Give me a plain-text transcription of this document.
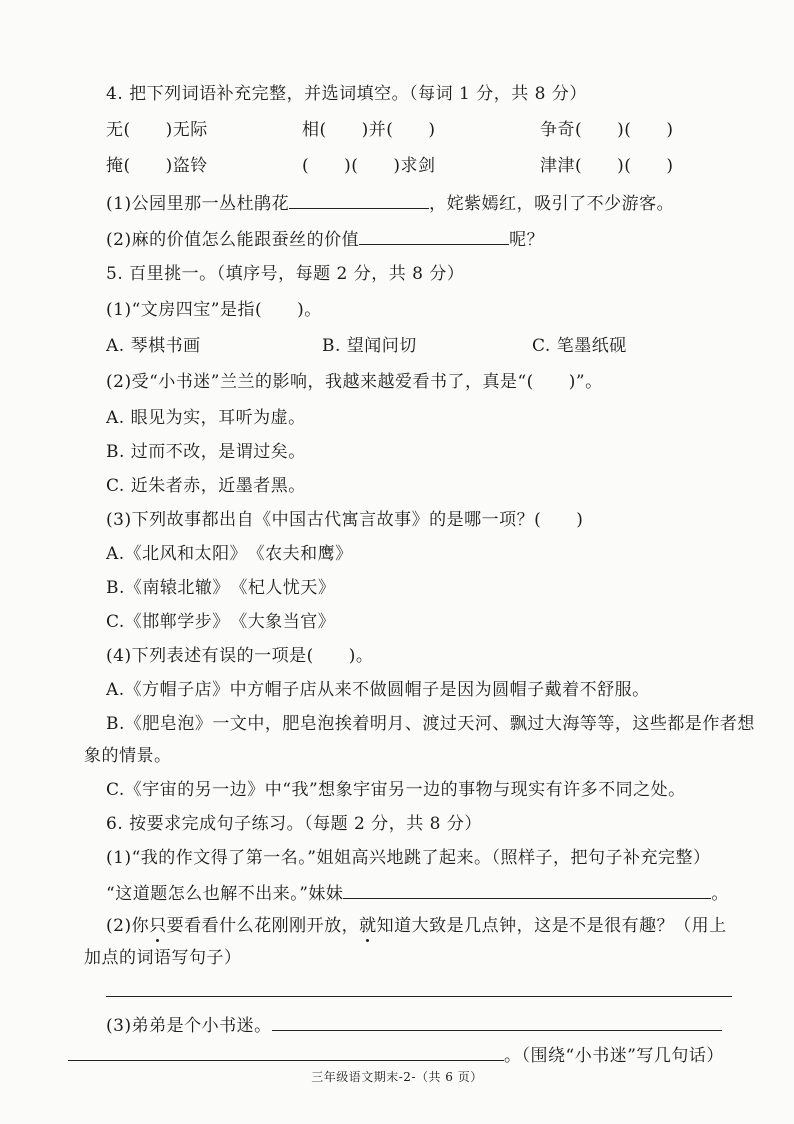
4. 把下列词语补充完整，并选词填空。（每词 1 分，共 8 分）
无(　　)无际	相(　　)并(　　)	争奇(　　)(　　)
掩(　　)盗铃	(　　)(　　)求剑	津津(　　)(　　)
(1)公园里那一丛杜鹃花	，姹紫嫣红，吸引了不少游客。
(2)麻的价值怎么能跟蚕丝的价值	呢？
5. 百里挑一。（填序号，每题 2 分，共 8 分）
(1)“文房四宝”是指(　　)。
A. 琴棋书画	B. 望闻问切	C. 笔墨纸砚
(2)受“小书迷”兰兰的影响，我越来越爱看书了，真是“(　　)”。
A. 眼见为实，耳听为虚。
B. 过而不改，是谓过矣。
C. 近朱者赤，近墨者黑。
(3)下列故事都出自《中国古代寓言故事》的是哪一项？(　　)
A.《北风和太阳》　《农夫和鹰》
B.《南辕北辙》　《杞人忧天》
C.《邯郸学步》　《大象当官》
(4)下列表述有误的一项是(　　)。
A.《方帽子店》中方帽子店从来不做圆帽子是因为圆帽子戴着不舒服。
B.《肥皂泡》一文中，肥皂泡挨着明月、渡过天河、飘过大海等等，这些都是作者想
象的情景。
C.《宇宙的另一边》中“我”想象宇宙另一边的事物与现实有许多不同之处。
6. 按要求完成句子练习。（每题 2 分，共 8 分）
(1)“我的作文得了第一名。”姐姐高兴地跳了起来。（照样子，把句子补充完整）
“这道题怎么也解不出来。”妹妹	。
(2)你只要看看什么花刚刚开放，就知道大致是几点钟，这是不是很有趣？（用上
加点的词语写句子）
(3)弟弟是个小书迷。
。（围绕“小书迷”写几句话）
三年级语文期末-2-（共 6 页）
